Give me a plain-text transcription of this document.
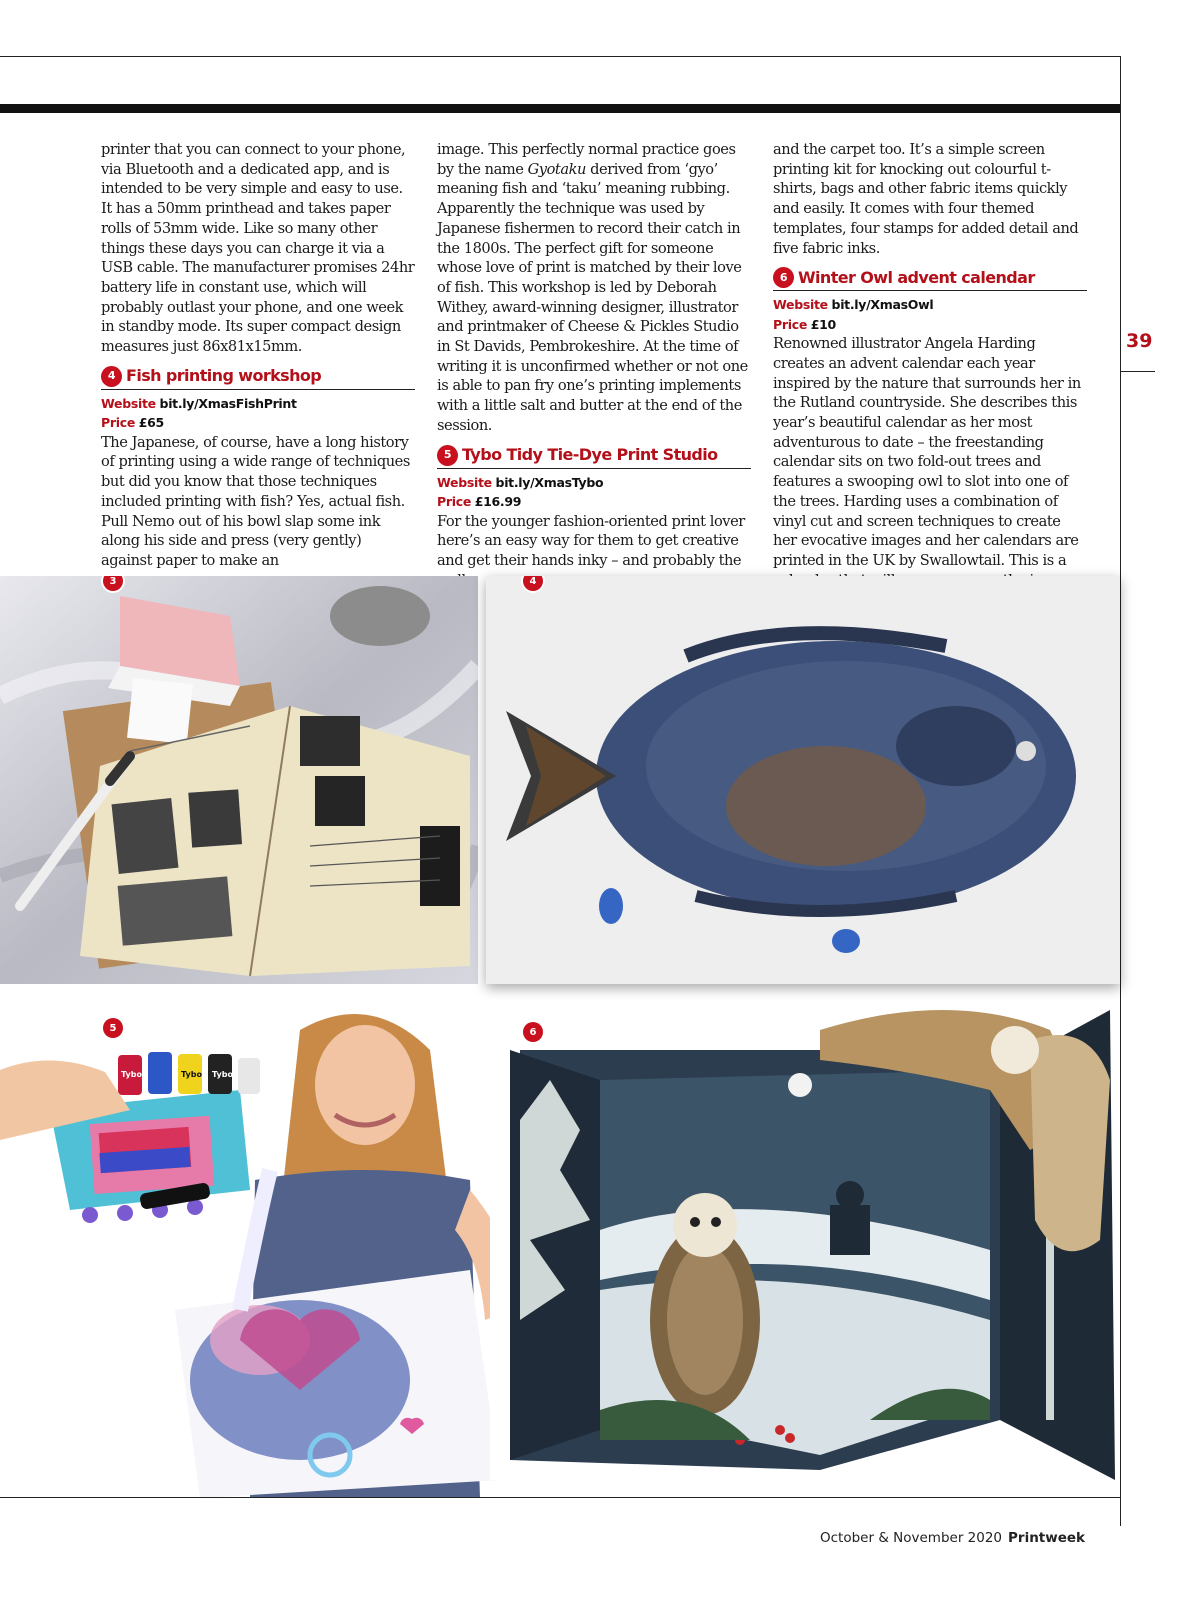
39

printer that you can connect to your phone, via Bluetooth and a dedicated app, and is intended to be very simple and easy to use. It has a 50mm printhead and takes paper rolls of 53mm wide. Like so many other things these days you can charge it via a USB cable. The manufacturer promises 24hr battery life in constant use, which will probably outlast your phone, and one week in standby mode. Its super compact design measures just 86x81x15mm.

4 Fish printing workshop
Website bit.ly/XmasFishPrint
Price £65

The Japanese, of course, have a long history of printing using a wide range of techniques but did you know that those techniques included printing with fish? Yes, actual fish. Pull Nemo out of his bowl slap some ink along his side and press (very gently) against paper to make an

image. This perfectly normal practice goes by the name Gyotaku derived from ‘gyo’ meaning fish and ‘taku’ meaning rubbing. Apparently the technique was used by Japanese fishermen to record their catch in the 1800s. The perfect gift for someone whose love of print is matched by their love of fish. This workshop is led by Deborah Withey, award-winning designer, illustrator and printmaker of Cheese & Pickles Studio in St Davids, Pembrokeshire. At the time of writing it is unconfirmed whether or not one is able to pan fry one’s printing implements with a little salt and butter at the end of the session.

5 Tybo Tidy Tie-Dye Print Studio
Website bit.ly/XmasTybo
Price £16.99

For the younger fashion-oriented print lover here’s an easy way for them to get creative and get their hands inky – and probably the

and the carpet too. It’s a simple screen printing kit for knocking out colourful t-shirts, bags and other fabric items quickly and easily. It comes with four themed templates, four stamps for added detail and five fabric inks.

6 Winter Owl advent calendar
Website bit.ly/XmasOwl
Price £10

Renowned illustrator Angela Harding creates an advent calendar each year inspired by the nature that surrounds her in the Rutland countryside. She describes this year’s beautiful calendar as her most adventurous to date – the freestanding calendar sits on two fold-out trees and features a swooping owl to slot into one of the trees. Harding uses a combination of vinyl cut and screen techniques to create her evocative images and her calendars are printed in the UK by Swallowtail. This is a

3	4
Tybo	Tybo Tybo
5	6
October & November 2020 Printweek
